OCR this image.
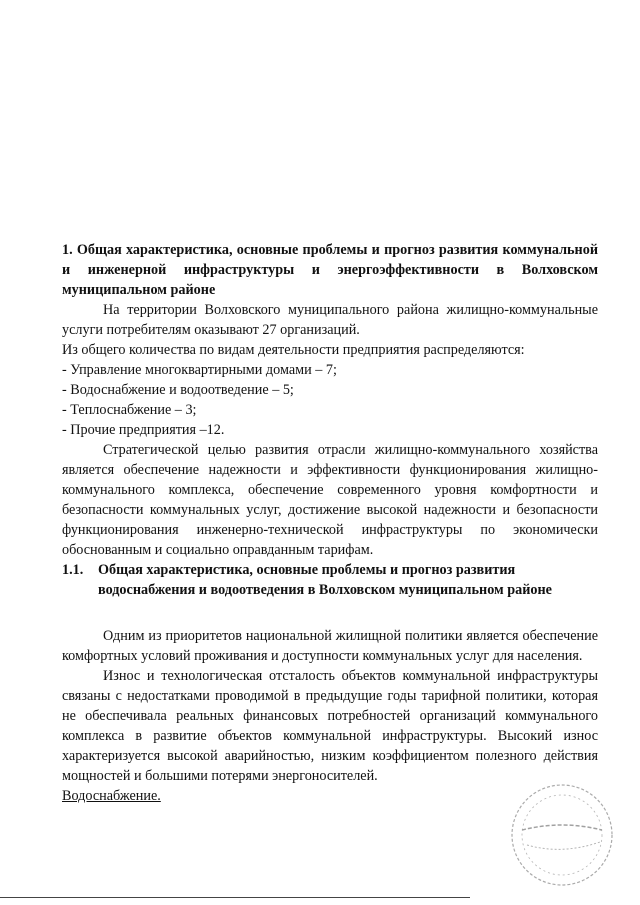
1. Общая характеристика, основные проблемы и прогноз развития коммунальной и инженерной инфраструктуры и энергоэффективности в Волховском муниципальном районе

На территории Волховского муниципального района жилищно-коммунальные услуги потребителям оказывают 27 организаций.

Из общего количества по видам деятельности предприятия распределяются:

- Управление многоквартирными домами – 7;

- Водоснабжение и водоотведение – 5;

- Теплоснабжение – 3;

- Прочие предприятия –12.

Стратегической целью развития отрасли жилищно-коммунального хозяйства является обеспечение надежности и эффективности функционирования жилищно-коммунального комплекса, обеспечение современного уровня комфортности и безопасности коммунальных услуг, достижение высокой надежности и безопасности функционирования инженерно-технической инфраструктуры по экономически обоснованным и социально оправданным тарифам.

1.1.	Общая характеристика, основные проблемы и прогноз развития водоснабжения и водоотведения в Волховском муниципальном районе

Одним из приоритетов национальной жилищной политики является обеспечение комфортных условий проживания и доступности коммунальных услуг для населения.

Износ и технологическая отсталость объектов коммунальной инфраструктуры связаны с недостатками проводимой в предыдущие годы тарифной политики, которая не обеспечивала реальных финансовых потребностей организаций коммунального комплекса в развитие объектов коммунальной инфраструктуры. Высокий износ характеризуется высокой аварийностью, низким коэффициентом полезного действия мощностей и большими потерями энергоносителей.

Водоснабжение.
